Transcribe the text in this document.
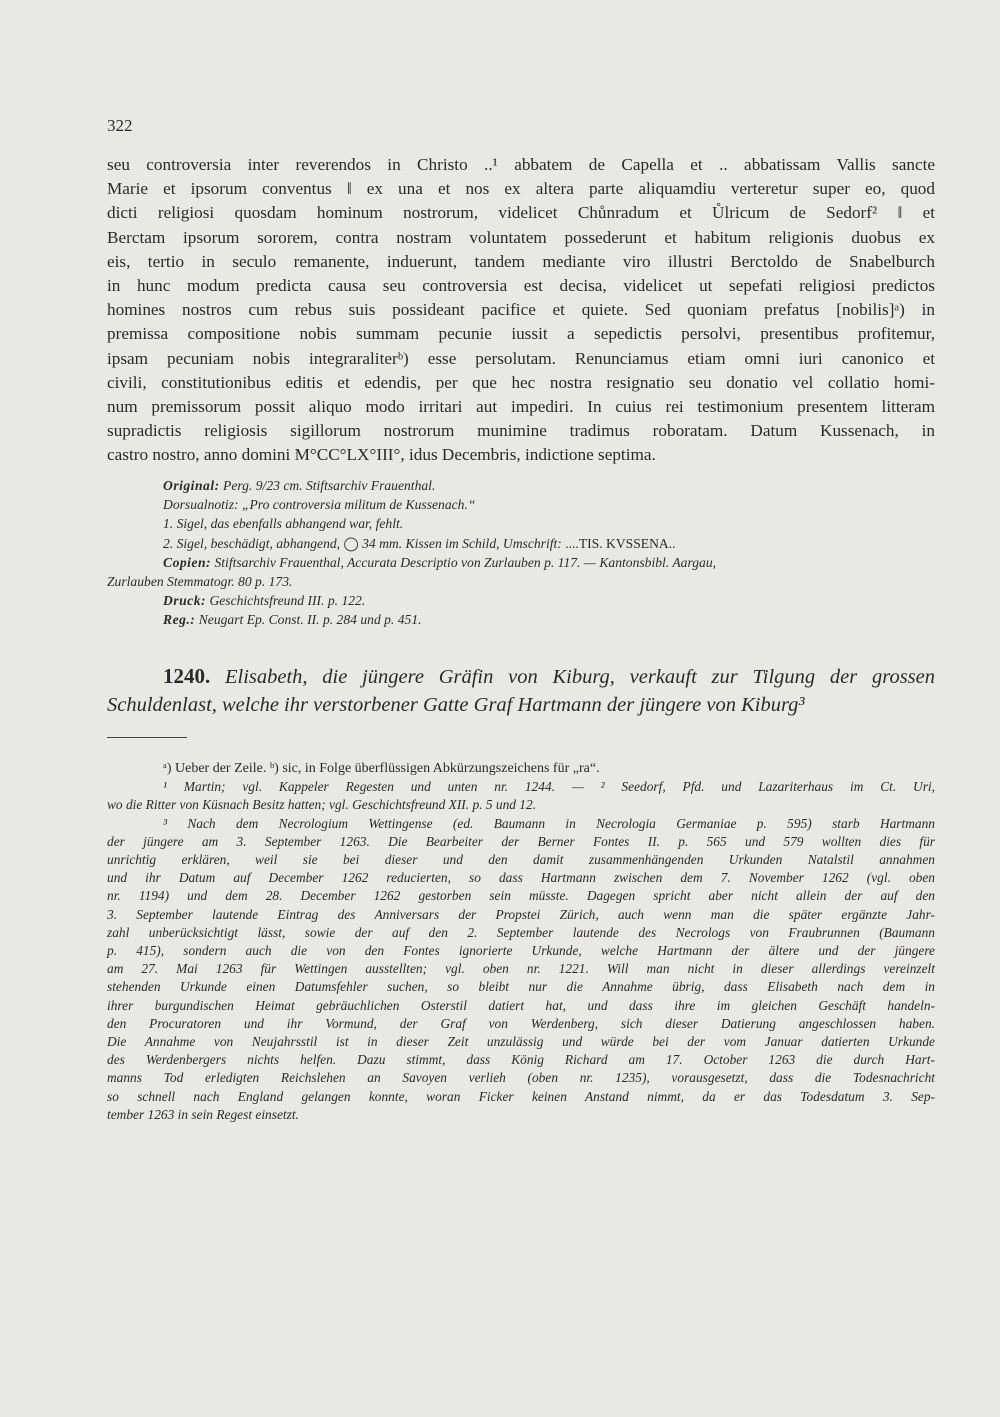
322
seu controversia inter reverendos in Christo ..¹ abbatem de Capella et .. abbatissam Vallis sancte
Marie et ipsorum conventus ‖ ex una et nos ex altera parte aliquamdiu verteretur super eo, quod
dicti religiosi quosdam hominum nostrorum, videlicet Chůnradum et Ůlricum de Sedorf² ‖ et
Berctam ipsorum sororem, contra nostram voluntatem possederunt et habitum religionis duobus ex
eis, tertio in seculo remanente, induerunt, tandem mediante viro illustri Berctoldo de Snabelburch
in hunc modum predicta causa seu controversia est decisa, videlicet ut sepefati religiosi predictos
homines nostros cum rebus suis possideant pacifice et quiete. Sed quoniam prefatus [nobilis]ᵃ) in
premissa compositione nobis summam pecunie iussit a sepedictis persolvi, presentibus profitemur,
ipsam pecuniam nobis integraraliterᵇ) esse persolutam. Renunciamus etiam omni iuri canonico et
civili, constitutionibus editis et edendis, per que hec nostra resignatio seu donatio vel collatio homi-
num premissorum possit aliquo modo irritari aut impediri. In cuius rei testimonium presentem litteram
supradictis religiosis sigillorum nostrorum munimine tradimus roboratam. Datum Kussenach, in
castro nostro, anno domini M°CC°LX°III°, idus Decembris, indictione septima.
Original: Perg. 9/23 cm. Stiftsarchiv Frauenthal.
Dorsualnotiz: „Pro controversia militum de Kussenach.“
1. Sigel, das ebenfalls abhangend war, fehlt.
2. Sigel, beschädigt, abhangend, ◯ 34 mm. Kissen im Schild, Umschrift: ....TIS. KVSSENA..
Copien: Stiftsarchiv Frauenthal, Accurata Descriptio von Zurlauben p. 117. — Kantonsbibl. Aargau,
Zurlauben Stemmatogr. 80 p. 173.
Druck: Geschichtsfreund III. p. 122.
Reg.: Neugart Ep. Const. II. p. 284 und p. 451.
1240. Elisabeth, die jüngere Gräfin von Kiburg, verkauft zur Tilgung der grossen
Schuldenlast, welche ihr verstorbener Gatte Graf Hartmann der jüngere von Kiburg³
ᵃ) Ueber der Zeile. ᵇ) sic, in Folge überflüssigen Abkürzungszeichens für „ra“.
¹ Martin; vgl. Kappeler Regesten und unten nr. 1244. — ² Seedorf, Pfd. und Lazariterhaus im Ct. Uri,
wo die Ritter von Küsnach Besitz hatten; vgl. Geschichtsfreund XII. p. 5 und 12.
³ Nach dem Necrologium Wettingense (ed. Baumann in Necrologia Germaniae p. 595) starb Hartmann
der jüngere am 3. September 1263. Die Bearbeiter der Berner Fontes II. p. 565 und 579 wollten dies für
unrichtig erklären, weil sie bei dieser und den damit zusammenhängenden Urkunden Natalstil annahmen
und ihr Datum auf December 1262 reducierten, so dass Hartmann zwischen dem 7. November 1262 (vgl. oben
nr. 1194) und dem 28. December 1262 gestorben sein müsste. Dagegen spricht aber nicht allein der auf den
3. September lautende Eintrag des Anniversars der Propstei Zürich, auch wenn man die später ergänzte Jahr-
zahl unberücksichtigt lässt, sowie der auf den 2. September lautende des Necrologs von Fraubrunnen (Baumann
p. 415), sondern auch die von den Fontes ignorierte Urkunde, welche Hartmann der ältere und der jüngere
am 27. Mai 1263 für Wettingen ausstellten; vgl. oben nr. 1221. Will man nicht in dieser allerdings vereinzelt
stehenden Urkunde einen Datumsfehler suchen, so bleibt nur die Annahme übrig, dass Elisabeth nach dem in
ihrer burgundischen Heimat gebräuchlichen Osterstil datiert hat, und dass ihre im gleichen Geschäft handeln-
den Procuratoren und ihr Vormund, der Graf von Werdenberg, sich dieser Datierung angeschlossen haben.
Die Annahme von Neujahrsstil ist in dieser Zeit unzulässig und würde bei der vom Januar datierten Urkunde
des Werdenbergers nichts helfen. Dazu stimmt, dass König Richard am 17. October 1263 die durch Hart-
manns Tod erledigten Reichslehen an Savoyen verlieh (oben nr. 1235), vorausgesetzt, dass die Todesnachricht
so schnell nach England gelangen konnte, woran Ficker keinen Anstand nimmt, da er das Todesdatum 3. Sep-
tember 1263 in sein Regest einsetzt.
